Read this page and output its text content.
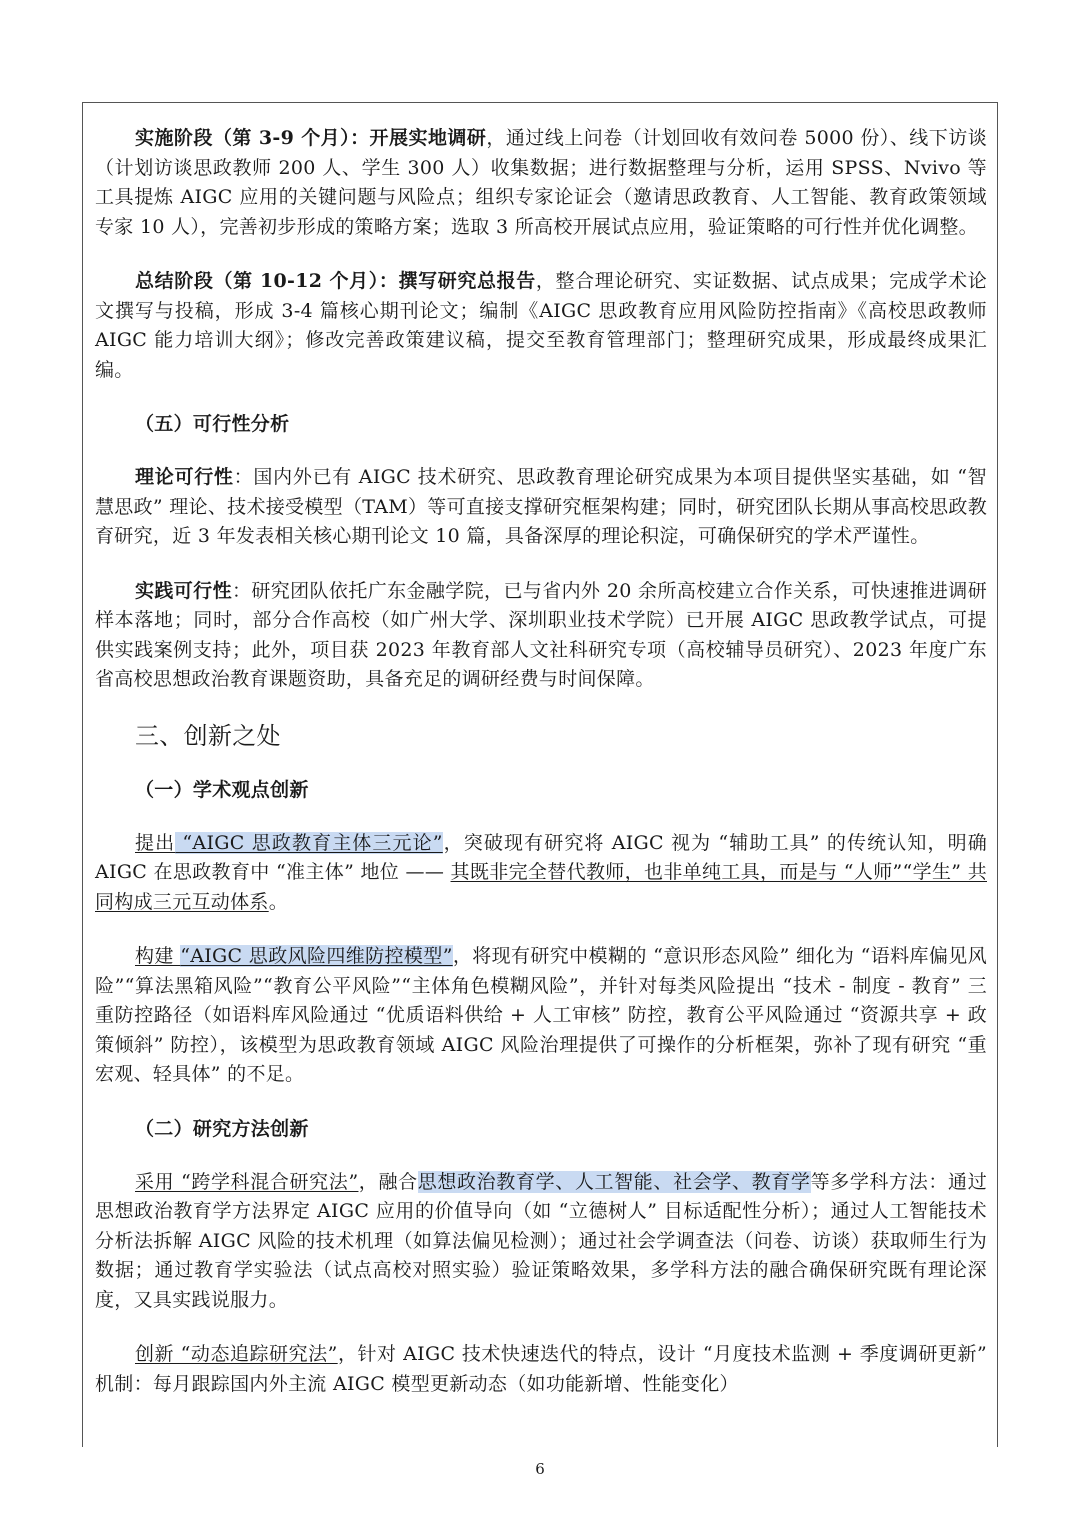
实施阶段（第 3-9 个月）：开展实地调研，通过线上问卷（计划回收有效问卷 5000 份）、线下访谈（计划访谈思政教师 200 人、学生 300 人）收集数据；进行数据整理与分析，运用 SPSS、Nvivo 等工具提炼 AIGC 应用的关键问题与风险点；组织专家论证会（邀请思政教育、人工智能、教育政策领域专家 10 人），完善初步形成的策略方案；选取 3 所高校开展试点应用，验证策略的可行性并优化调整。

总结阶段（第 10-12 个月）：撰写研究总报告，整合理论研究、实证数据、试点成果；完成学术论文撰写与投稿，形成 3-4 篇核心期刊论文；编制《AIGC 思政教育应用风险防控指南》《高校思政教师 AIGC 能力培训大纲》；修改完善政策建议稿，提交至教育管理部门；整理研究成果，形成最终成果汇编。

（五）可行性分析

理论可行性：国内外已有 AIGC 技术研究、思政教育理论研究成果为本项目提供坚实基础，如 “智慧思政” 理论、技术接受模型（TAM）等可直接支撑研究框架构建；同时，研究团队长期从事高校思政教育研究，近 3 年发表相关核心期刊论文 10 篇，具备深厚的理论积淀，可确保研究的学术严谨性。

实践可行性：研究团队依托广东金融学院，已与省内外 20 余所高校建立合作关系，可快速推进调研样本落地；同时，部分合作高校（如广州大学、深圳职业技术学院）已开展 AIGC 思政教学试点，可提供实践案例支持；此外，项目获 2023 年教育部人文社科研究专项（高校辅导员研究）、2023 年度广东省高校思想政治教育课题资助，具备充足的调研经费与时间保障。

三、创新之处
（一）学术观点创新

提出 “AIGC 思政教育主体三元论”，突破现有研究将 AIGC 视为 “辅助工具” 的传统认知，明确 AIGC 在思政教育中 “准主体” 地位 —— 其既非完全替代教师，也非单纯工具，而是与 “人师”“学生” 共同构成三元互动体系。

构建 “AIGC 思政风险四维防控模型”，将现有研究中模糊的 “意识形态风险” 细化为 “语料库偏见风险”“算法黑箱风险”“教育公平风险”“主体角色模糊风险”，并针对每类风险提出 “技术 - 制度 - 教育” 三重防控路径（如语料库风险通过 “优质语料供给 + 人工审核” 防控，教育公平风险通过 “资源共享 + 政策倾斜” 防控），该模型为思政教育领域 AIGC 风险治理提供了可操作的分析框架，弥补了现有研究 “重宏观、轻具体” 的不足。

（二）研究方法创新

采用 “跨学科混合研究法”，融合思想政治教育学、人工智能、社会学、教育学等多学科方法：通过思想政治教育学方法界定 AIGC 应用的价值导向（如 “立德树人” 目标适配性分析）；通过人工智能技术分析法拆解 AIGC 风险的技术机理（如算法偏见检测）；通过社会学调查法（问卷、访谈）获取师生行为数据；通过教育学实验法（试点高校对照实验）验证策略效果，多学科方法的融合确保研究既有理论深度，又具实践说服力。

创新 “动态追踪研究法”，针对 AIGC 技术快速迭代的特点，设计 “月度技术监测 + 季度调研更新” 机制：每月跟踪国内外主流 AIGC 模型更新动态（如功能新增、性能变化）

6
